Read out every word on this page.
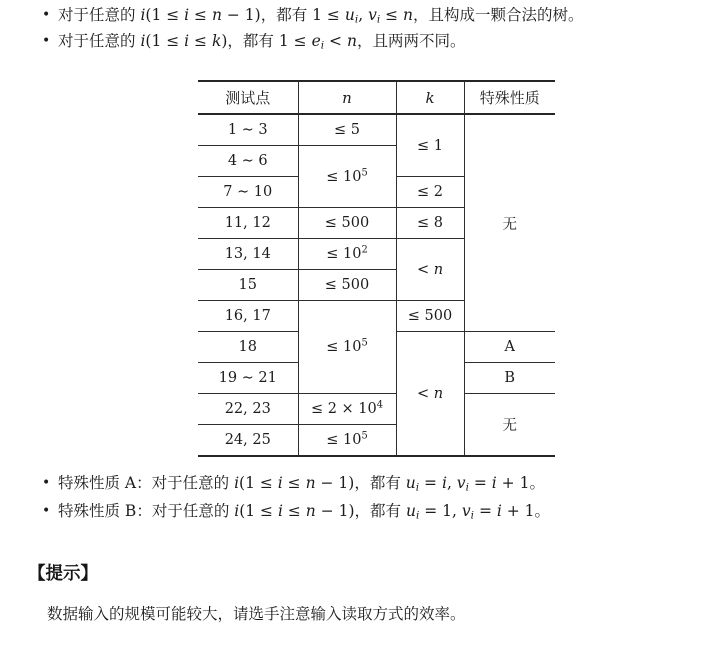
• 对于任意的 i(1 ≤ i ≤ n − 1)，都有 $1 \le u_i$, $v_i \le n$，且构成一颗合法的树。
• 对于任意的 i(1 ≤ i ≤ k)，都有 $1 \le e_i < n$，且两两不同。
测试点	n	k	特殊性质
1 ∼ 3	≤ 5	≤ 1	无
4 ∼ 6	≤ $10^5$
7 ∼ 10		≤ 2	
11, 12	≤ 500	≤ 8	
13, 14	≤ $10^2$	< n	
15	≤ 500		
16, 17	≤ $10^5$	≤ 500	
18		< n	A
19 ∼ 21			B
22, 23	≤ $2 \times 10^4$		无
24, 25	≤ $10^5$
• 特殊性质 A：对于任意的 i(1 ≤ i ≤ n − 1)，都有 $u_i = i$, $v_i = i + 1$。
• 特殊性质 B：对于任意的 i(1 ≤ i ≤ n − 1)，都有 $u_i = 1$, $v_i = i + 1$。
【提示】
数据输入的规模可能较大，请选手注意输入读取方式的效率。
